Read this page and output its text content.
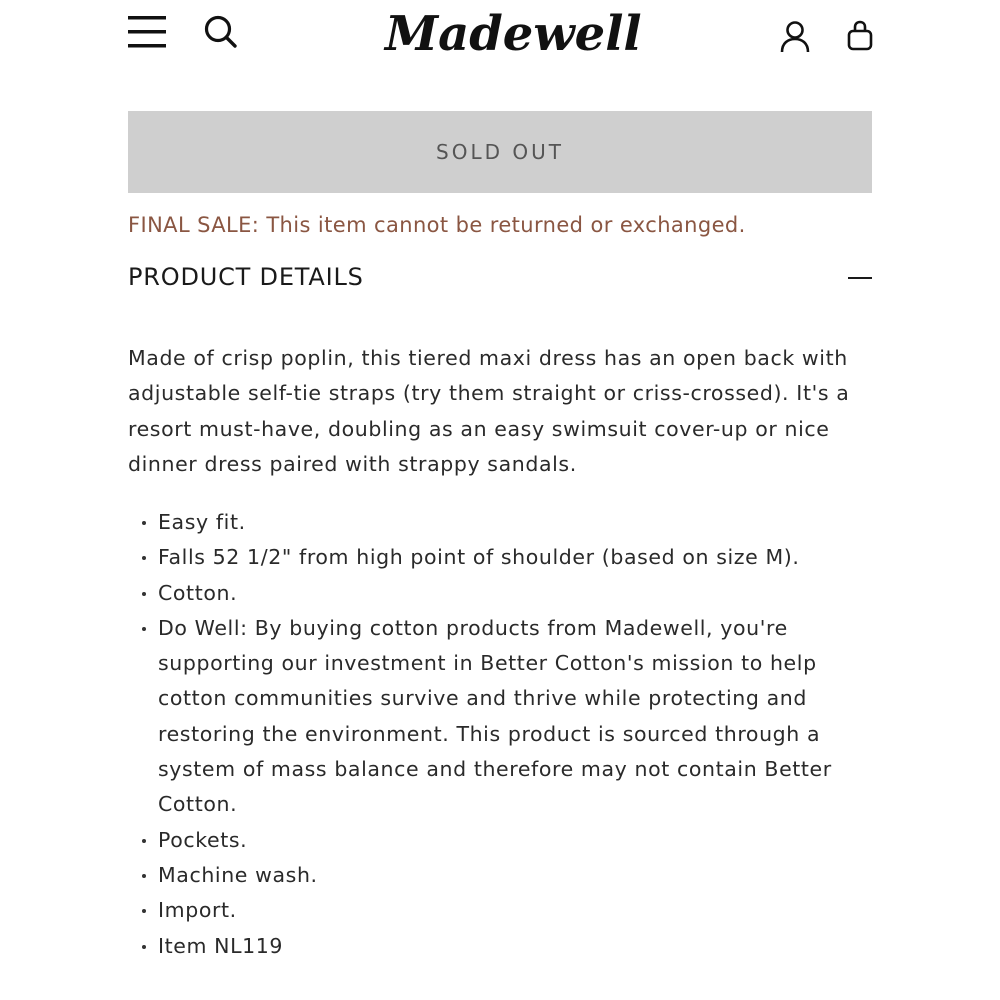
Madewell
SOLD OUT
FINAL SALE: This item cannot be returned or exchanged.
PRODUCT DETAILS

Made of crisp poplin, this tiered maxi dress has an open back with adjustable self-tie straps (try them straight or criss-crossed). It's a resort must-have, doubling as an easy swimsuit cover-up or nice dinner dress paired with strappy sandals.

Easy fit.
Falls 52 1/2" from high point of shoulder (based on size M).
Cotton.
Do Well: By buying cotton products from Madewell, you're supporting our investment in Better Cotton's mission to help cotton communities survive and thrive while protecting and restoring the environment. This product is sourced through a system of mass balance and therefore may not contain Better Cotton.
Pockets.
Machine wash.
Import.
Item NL119
